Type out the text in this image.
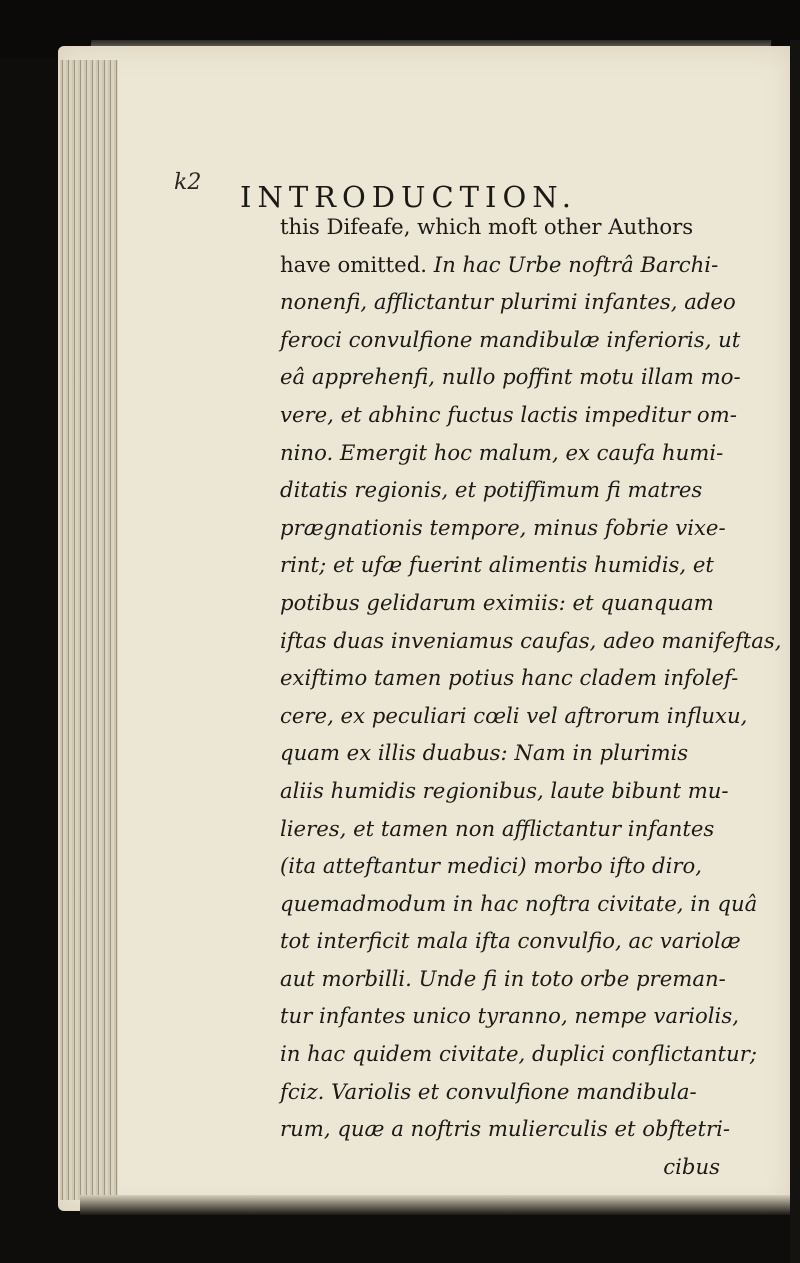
k2 INTRODUCTION.
this Difeafe, which moft other Authors
have omitted. In hac Urbe noftrâ Barchi-
nonenfi, afflictantur plurimi infantes, adeo
feroci convulfione mandibulæ inferioris, ut
eâ apprehenfi, nullo poffint motu illam mo-
vere, et abhinc fuctus lactis impeditur om-
nino. Emergit hoc malum, ex caufa humi-
ditatis regionis, et potiffimum fi matres
prægnationis tempore, minus fobrie vixe-
rint; et ufæ fuerint alimentis humidis, et
potibus gelidarum eximiis: et quanquam
iftas duas inveniamus caufas, adeo manifeftas,
exiftimo tamen potius hanc cladem infolef-
cere, ex peculiari cœli vel aftrorum influxu,
quam ex illis duabus: Nam in plurimis
aliis humidis regionibus, laute bibunt mu-
lieres, et tamen non afflictantur infantes
(ita atteftantur medici) morbo ifto diro,
quemadmodum in hac noftra civitate, in quâ
tot interficit mala ifta convulfio, ac variolæ
aut morbilli. Unde fi in toto orbe preman-
tur infantes unico tyranno, nempe variolis,
in hac quidem civitate, duplici conflictantur;
fciz. Variolis et convulfione mandibula-
rum, quæ a noftris mulierculis et obftetri-
cibus
